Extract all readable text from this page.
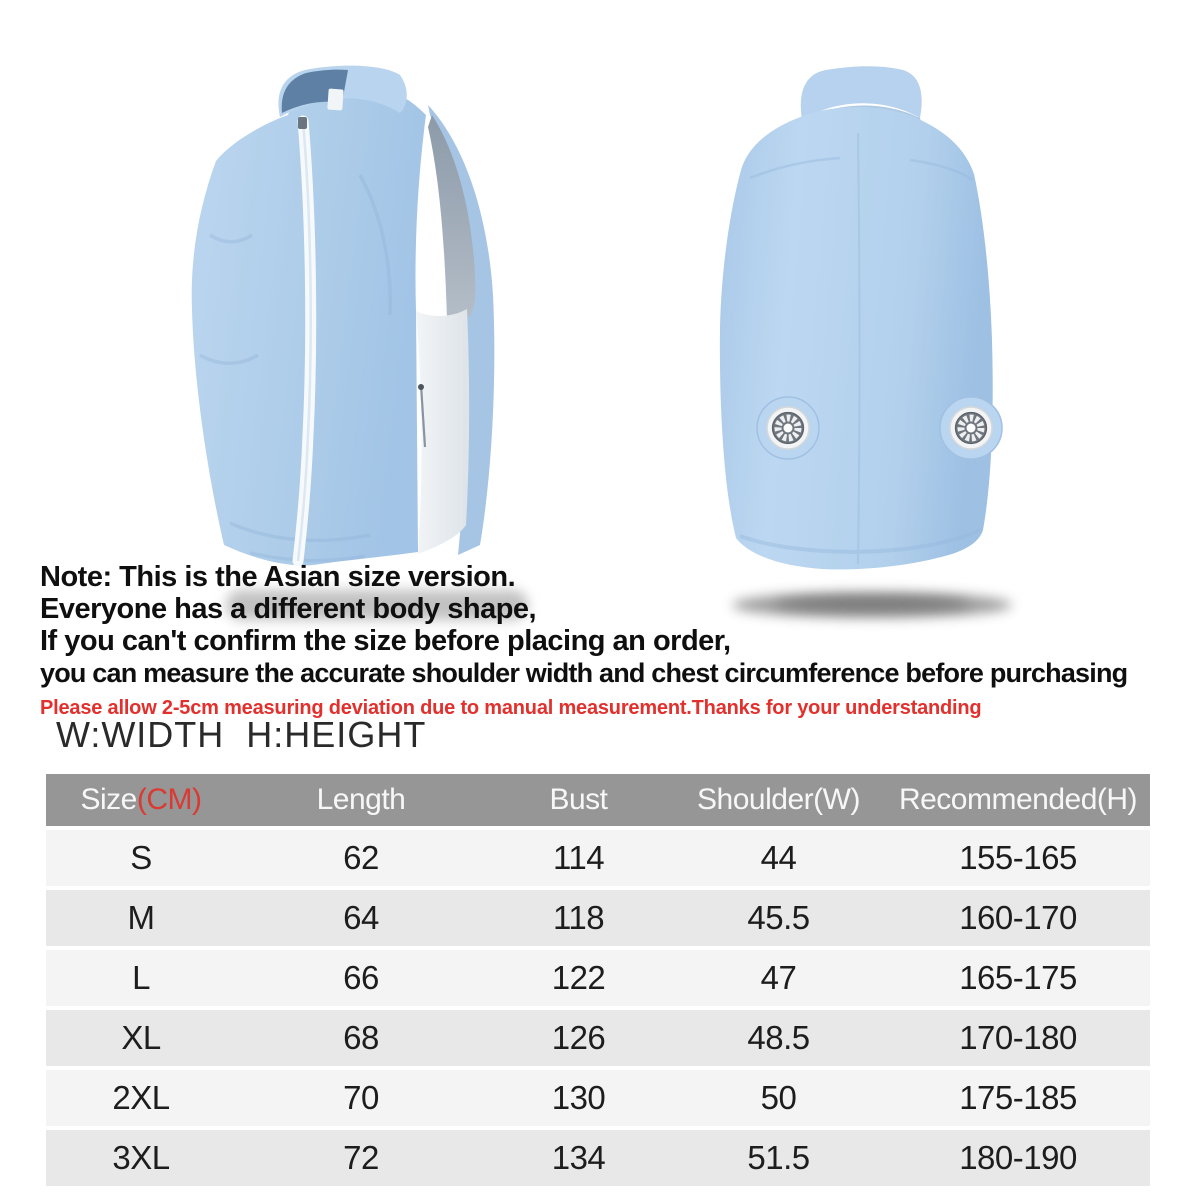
Note: This is the Asian size version.
Everyone has a different body shape,
If you can't confirm the size before placing an order,
you can measure the accurate shoulder width and chest circumference before purchasing
Please allow 2-5cm measuring deviation due to manual measurement.Thanks for your understanding
W:WIDTH  H:HEIGHT
Size(CM)	Length	Bust	Shoulder(W)	Recommended(H)
S	62	114	44	155-165
M	64	118	45.5	160-170
L	66	122	47	165-175
XL	68	126	48.5	170-180
2XL	70	130	50	175-185
3XL	72	134	51.5	180-190
